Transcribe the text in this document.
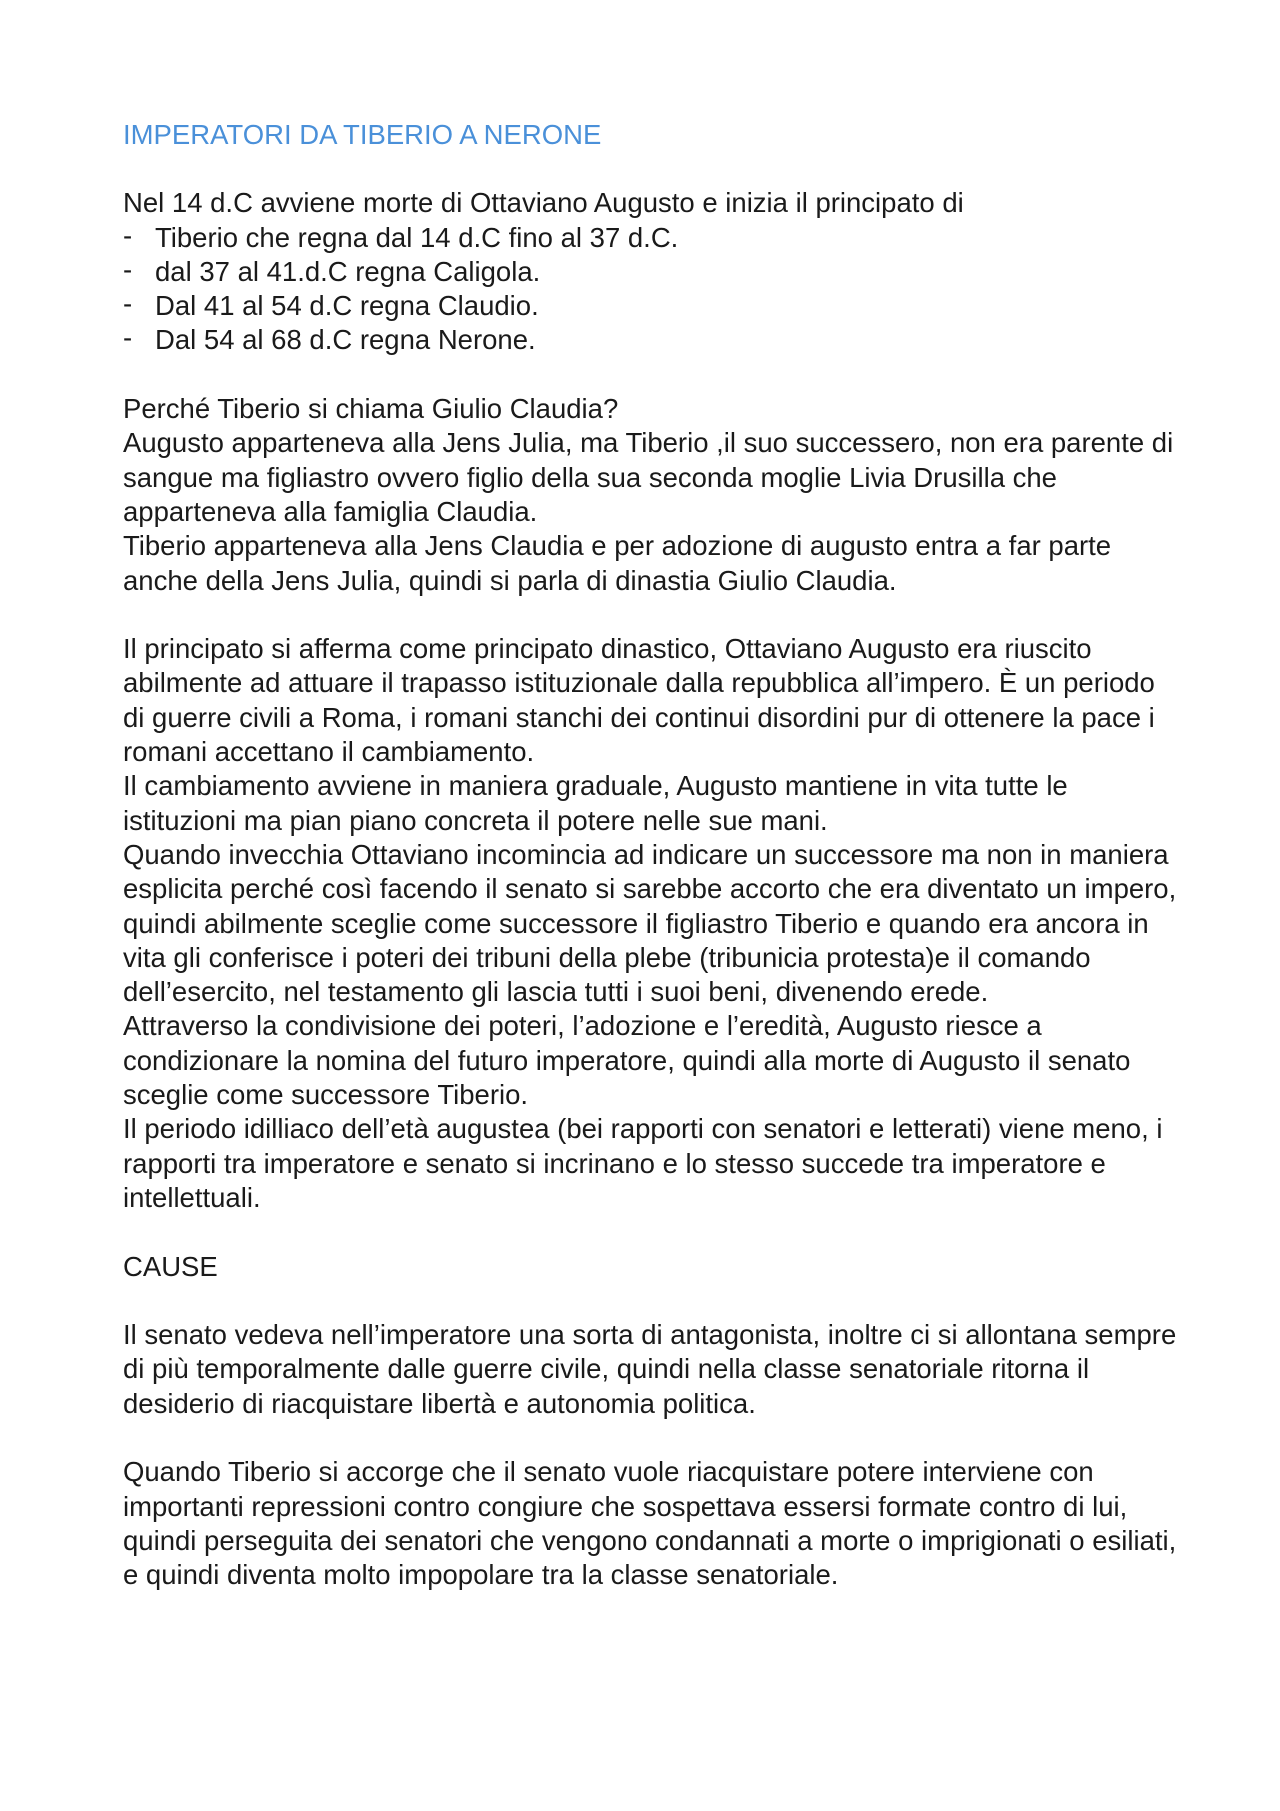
IMPERATORI DA TIBERIO A NERONE

Nel 14 d.C avviene morte di Ottaviano Augusto e inizia il principato di

- Tiberio che regna dal 14 d.C fino al 37 d.C.
- dal 37 al 41.d.C regna Caligola.
- Dal 41 al 54 d.C regna Claudio.
- Dal 54 al 68 d.C regna Nerone.

Perché Tiberio si chiama Giulio Claudia?

Augusto apparteneva alla Jens Julia, ma Tiberio ,il suo successero, non era parente di sangue ma figliastro ovvero figlio della sua seconda moglie Livia Drusilla che apparteneva alla famiglia Claudia.

Tiberio apparteneva alla Jens Claudia e per adozione di augusto entra a far parte anche della Jens Julia, quindi si parla di dinastia Giulio Claudia.

Il principato si afferma come principato dinastico, Ottaviano Augusto era riuscito abilmente ad attuare il trapasso istituzionale dalla repubblica all’impero. È un periodo di guerre civili a Roma, i romani stanchi dei continui disordini pur di ottenere la pace i romani accettano il cambiamento.

Il cambiamento avviene in maniera graduale, Augusto mantiene in vita tutte le istituzioni ma pian piano concreta il potere nelle sue mani.

Quando invecchia Ottaviano incomincia ad indicare un successore ma non in maniera esplicita perché così facendo il senato si sarebbe accorto che era diventato un impero, quindi abilmente sceglie come successore il figliastro Tiberio e quando era ancora in vita gli conferisce i poteri dei tribuni della plebe (tribunicia protesta)e il comando dell’esercito, nel testamento gli lascia tutti i suoi beni, divenendo erede.

Attraverso la condivisione dei poteri, l’adozione e l’eredità, Augusto riesce a condizionare la nomina del futuro imperatore, quindi alla morte di Augusto il senato sceglie come successore Tiberio.

Il periodo idilliaco dell’età augustea (bei rapporti con senatori e letterati) viene meno, i rapporti tra imperatore e senato si incrinano e lo stesso succede tra imperatore e intellettuali.

CAUSE

Il senato vedeva nell’imperatore una sorta di antagonista, inoltre ci si allontana sempre di più temporalmente dalle guerre civile, quindi nella classe senatoriale ritorna il desiderio di riacquistare libertà e autonomia politica.

Quando Tiberio si accorge che il senato vuole riacquistare potere interviene con importanti repressioni contro congiure che sospettava essersi formate contro di lui, quindi perseguita dei senatori che vengono condannati a morte o imprigionati o esiliati, e quindi diventa molto impopolare tra la classe senatoriale.
